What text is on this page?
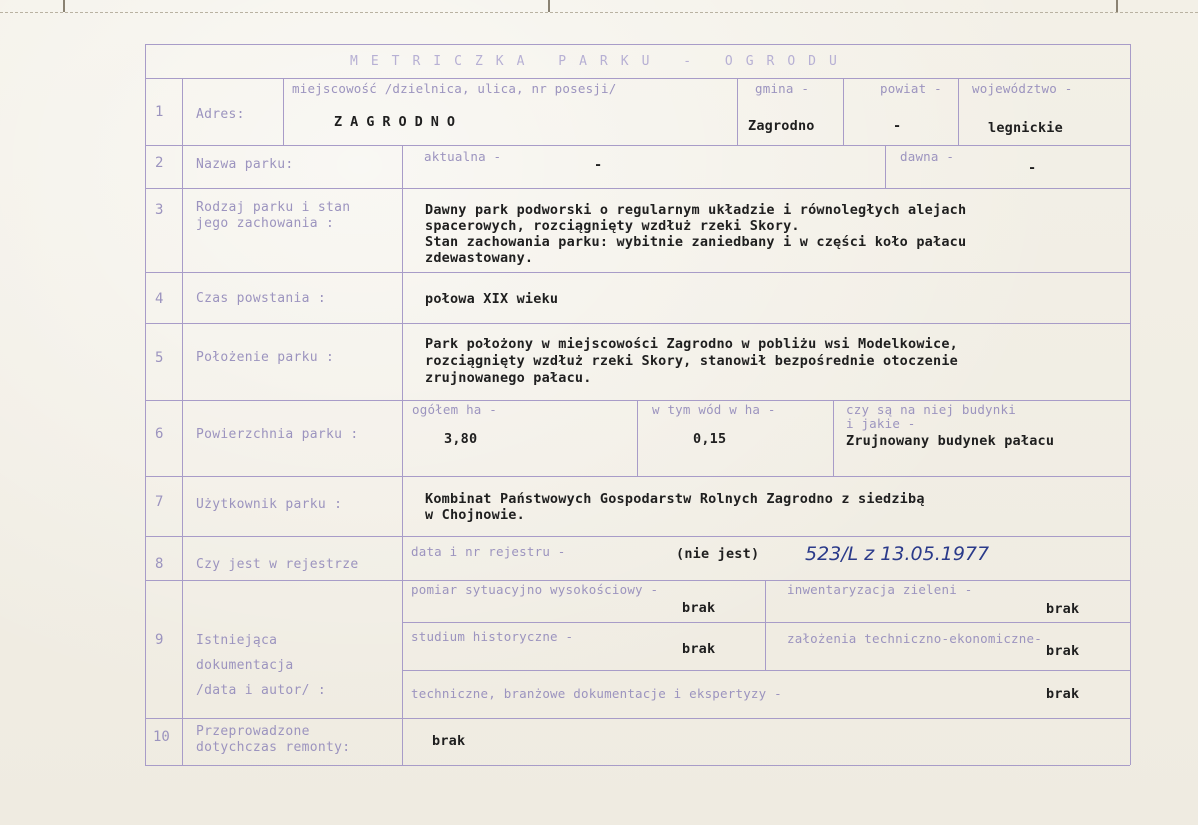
METRICZKA PARKU - OGRODU
1	Adres:
miejscowość /dzielnica, ulica, nr posesji/
ZAGRODNO
gmina -
Zagrodno
powiat -
-
województwo -
legnickie
2	Nazwa parku:
aktualna -
-
dawna -
-
3	Rodzaj parku i stan
jego zachowania :
Dawny park podworski o regularnym układzie i równoległych alejach
spacerowych, rozciągnięty wzdłuż rzeki Skory.
Stan zachowania parku: wybitnie zaniedbany i w części koło pałacu
zdewastowany.
4	Czas powstania :	połowa XIX wieku
5	Położenie parku :
Park położony w miejscowości Zagrodno w pobliżu wsi Modelkowice,
rozciągnięty wzdłuż rzeki Skory, stanowił bezpośrednie otoczenie
zrujnowanego pałacu.
6	Powierzchnia parku :
ogółem ha -
3,80
w tym wód w ha -
0,15
czy są na niej budynki
i jakie -
Zrujnowany budynek pałacu
7	Użytkownik parku :	Kombinat Państwowych Gospodarstw Rolnych Zagrodno z siedzibą
w Chojnowie.
8	Czy jest w rejestrze
data i nr rejestru -	(nie jest) 523/L z 13.05.1977
9	Istniejąca
dokumentacja
/data i autor/ :
pomiar sytuacyjno wysokościowy -
brak
inwentaryzacja zieleni -
brak
studium historyczne -
brak
założenia techniczno-ekonomiczne-
brak
techniczne, branżowe dokumentacje i ekspertyzy -	brak
10 Przeprowadzone
dotychczas remonty:	brak
